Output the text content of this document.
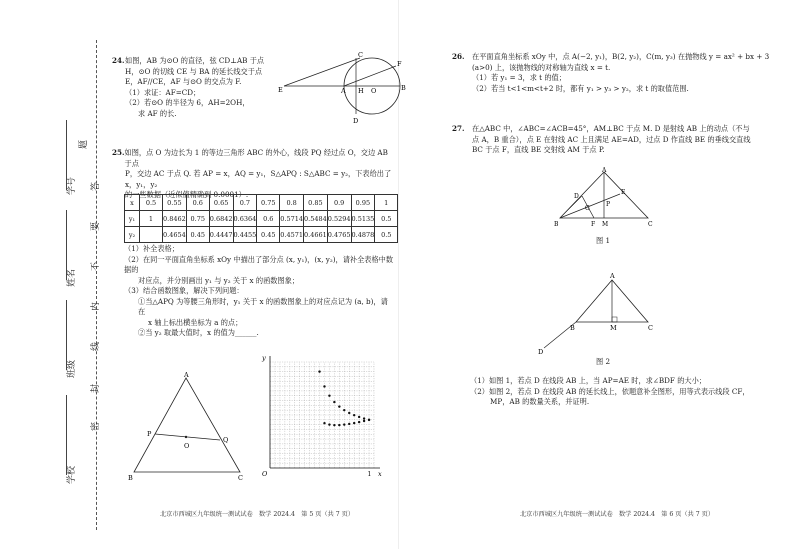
题
答
要
不
内
线
封
密
学号
姓名
班级
学校
24. 如图，AB 为⊙O 的直径，弦 CD⊥AB 于点
H，⊙O 的切线 CE 与 BA 的延长线交于点
E，AF//CE，AF 与⊙O 的交点为 F.
（1）求证：AF=CD；
（2）若⊙O 的半径为 6，AH=2OH，
求 AF 的长.
C
F
E	A H O	B
D
25. 如图，点 O 为边长为 1 的等边三角形 ABC 的外心，线段 PQ 经过点 O，交边 AB 于点
P，交边 AC 于点 Q. 若 AP = x，AQ = y₁，S△APQ : S△ABC = y₂，下表给出了 x，y₁，y₂
的一些数据（近似值精确到 0.0001）.
x	0.5	0.55	0.6	0.65	0.7	0.75	0.8	0.85	0.9	0.95	1
y₁	1	0.8462	0.75	0.6842	0.6364	0.6	0.5714	0.5484	0.5294	0.5135	0.5
y₂		0.4654	0.45	0.4447	0.4455	0.45	0.4571	0.4661	0.4765	0.4878	0.5
（1）补全表格；
（2）在同一平面直角坐标系 xOy 中描出了部分点 (x, y₁)，(x, y₂)，请补全表格中数据的
对应点，并分别画出 y₁ 与 y₂ 关于 x 的函数图象；
（3）结合函数图象，解决下列问题：
①当△APQ 为等腰三角形时，y₁ 关于 x 的函数图象上的对应点记为 (a, b)，请在
x 轴上标出横坐标为 a 的点；
②当 y₂ 取最大值时，x 的值为______.
A
P
O
Q
B	C
y
x
O	1
北京市西城区九年级统一测试试卷　数学 2024.4　第 5 页（共 7 页）
26.	在平面直角坐标系 xOy 中，点 A(−2, y₁)，B(2, y₂)，C(m, y₃) 在抛物线 y = ax² + bx + 3
(a>0) 上，该抛物线的对称轴为直线 x = t.
（1）若 y₁ = 3，求 t 的值；
（2）若当 t<1<m<t+2 时，都有 y₁ > y₃ > y₂，求 t 的取值范围.
27.	在△ABC 中，∠ABC=∠ACB=45°，AM⊥BC 于点 M. D 是射线 AB 上的动点（不与
点 A，B 重合），点 E 在射线 AC 上且满足 AE=AD，过点 D 作直线 BE 的垂线交直线
BC 于点 F，直线 BE 交射线 AM 于点 P.
A
D
E
P
G
B	F M	C
图 1
A
B	M	C
D
图 2
（1）如图 1，若点 D 在线段 AB 上，当 AP=AE 时，求∠BDF 的大小；
（2）如图 2，若点 D 在线段 AB 的延长线上，依题意补全图形，用等式表示线段 CF，
MP，AB 的数量关系，并证明.
北京市西城区九年级统一测试试卷　数学 2024.4　第 6 页（共 7 页）
